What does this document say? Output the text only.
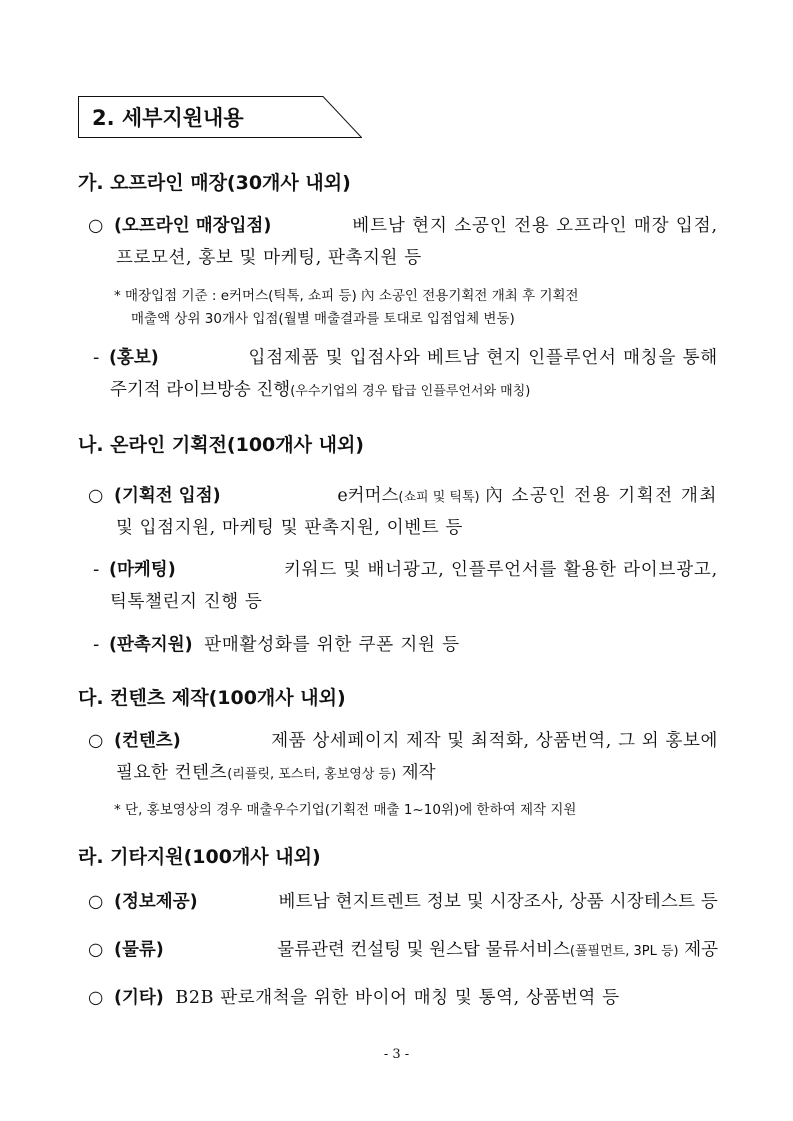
2. 세부지원내용
가. 오프라인 매장(30개사 내외)
○ (오프라인 매장입점)	베트남 현지 소공인 전용 오프라인 매장 입점,
프로모션, 홍보 및 마케팅, 판촉지원 등
* 매장입점 기준 : e커머스(틱톡, 쇼피 등) 內 소공인 전용기획전 개최 후 기획전
매출액 상위 30개사 입점(월별 매출결과를 토대로 입점업체 변동)
- (홍보)	입점제품 및 입점사와 베트남 현지 인플루언서 매칭을 통해
주기적 라이브방송 진행(우수기업의 경우 탑급 인플루언서와 매칭)
나. 온라인 기획전(100개사 내외)
○ (기획전 입점)	e커머스(쇼피 및 틱톡) 內 소공인 전용 기획전 개최
및 입점지원, 마케팅 및 판촉지원, 이벤트 등
- (마케팅)	키워드 및 배너광고, 인플루언서를 활용한 라이브광고,
틱톡챌린지 진행 등
- (판촉지원) 판매활성화를 위한 쿠폰 지원 등
다. 컨텐츠 제작(100개사 내외)
○ (컨텐츠)	제품 상세페이지 제작 및 최적화, 상품번역, 그 외 홍보에
필요한 컨텐츠(리플릿, 포스터, 홍보영상 등) 제작
* 단, 홍보영상의 경우 매출우수기업(기획전 매출 1~10위)에 한하여 제작 지원
라. 기타지원(100개사 내외)
○ (정보제공)	베트남 현지트렌트 정보 및 시장조사, 상품 시장테스트 등
○ (물류)	물류관련 컨설팅 및 원스탑 물류서비스(풀필먼트, 3PL 등) 제공
○ (기타) B2B 판로개척을 위한 바이어 매칭 및 통역, 상품번역 등
- 3 -
